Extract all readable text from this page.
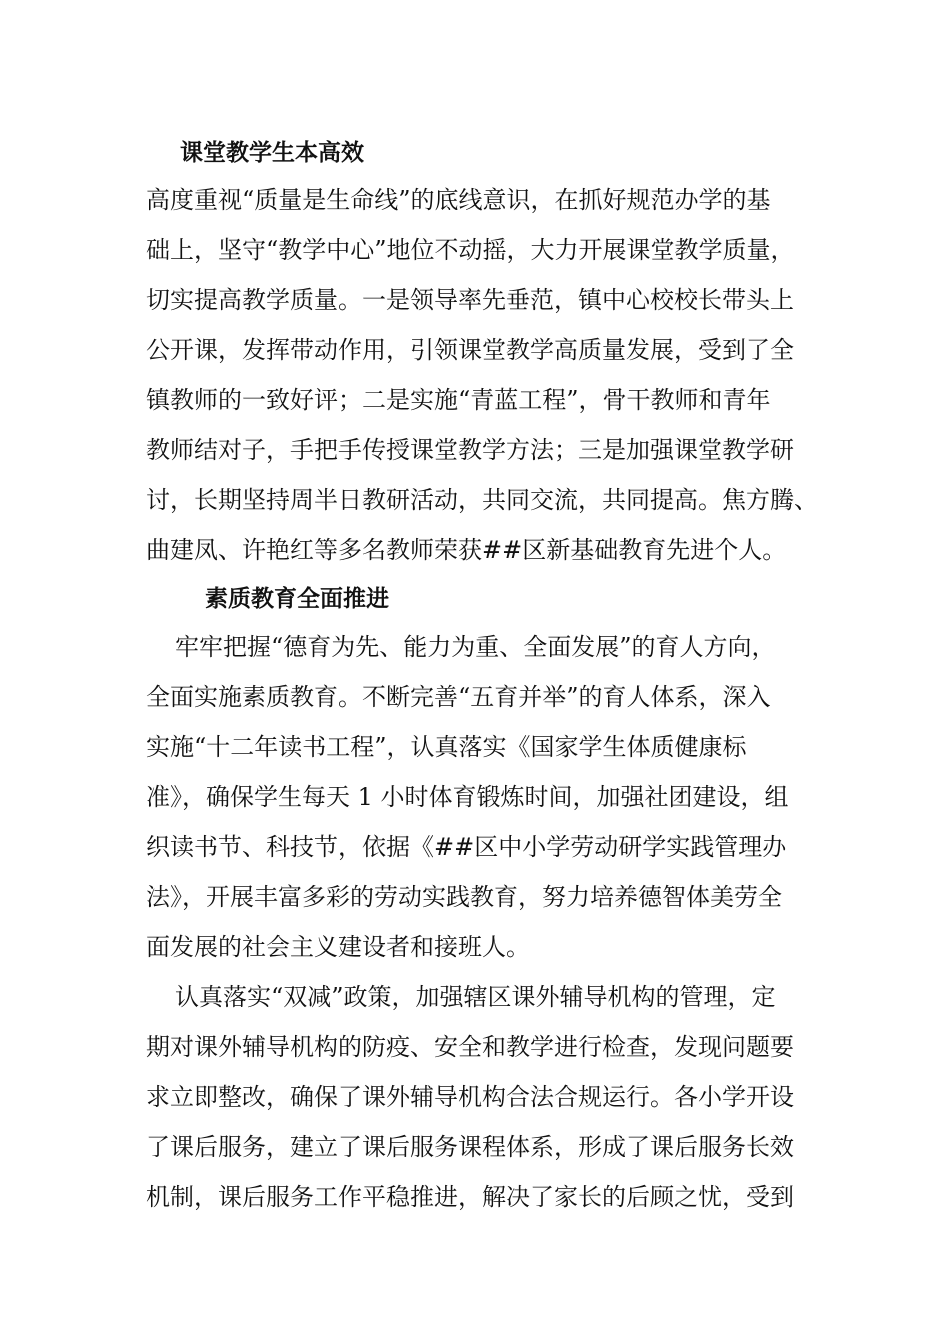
课堂教学生本高效
高度重视“质量是生命线”的底线意识，在抓好规范办学的基
础上，坚守“教学中心”地位不动摇，大力开展课堂教学质量，
切实提高教学质量。一是领导率先垂范，镇中心校校长带头上
公开课，发挥带动作用，引领课堂教学高质量发展，受到了全
镇教师的一致好评；二是实施“青蓝工程”，骨干教师和青年
教师结对子，手把手传授课堂教学方法；三是加强课堂教学研
讨，长期坚持周半日教研活动，共同交流，共同提高。焦方腾、
曲建凤、许艳红等多名教师荣获##区新基础教育先进个人。
素质教育全面推进
牢牢把握“德育为先、能力为重、全面发展”的育人方向，
全面实施素质教育。不断完善“五育并举”的育人体系，深入
实施“十二年读书工程”，认真落实《国家学生体质健康标
准》，确保学生每天 1 小时体育锻炼时间，加强社团建设，组
织读书节、科技节，依据《##区中小学劳动研学实践管理办
法》，开展丰富多彩的劳动实践教育，努力培养德智体美劳全
面发展的社会主义建设者和接班人。
认真落实“双减”政策，加强辖区课外辅导机构的管理，定
期对课外辅导机构的防疫、安全和教学进行检查，发现问题要
求立即整改，确保了课外辅导机构合法合规运行。各小学开设
了课后服务，建立了课后服务课程体系，形成了课后服务长效
机制，课后服务工作平稳推进，解决了家长的后顾之忧，受到
